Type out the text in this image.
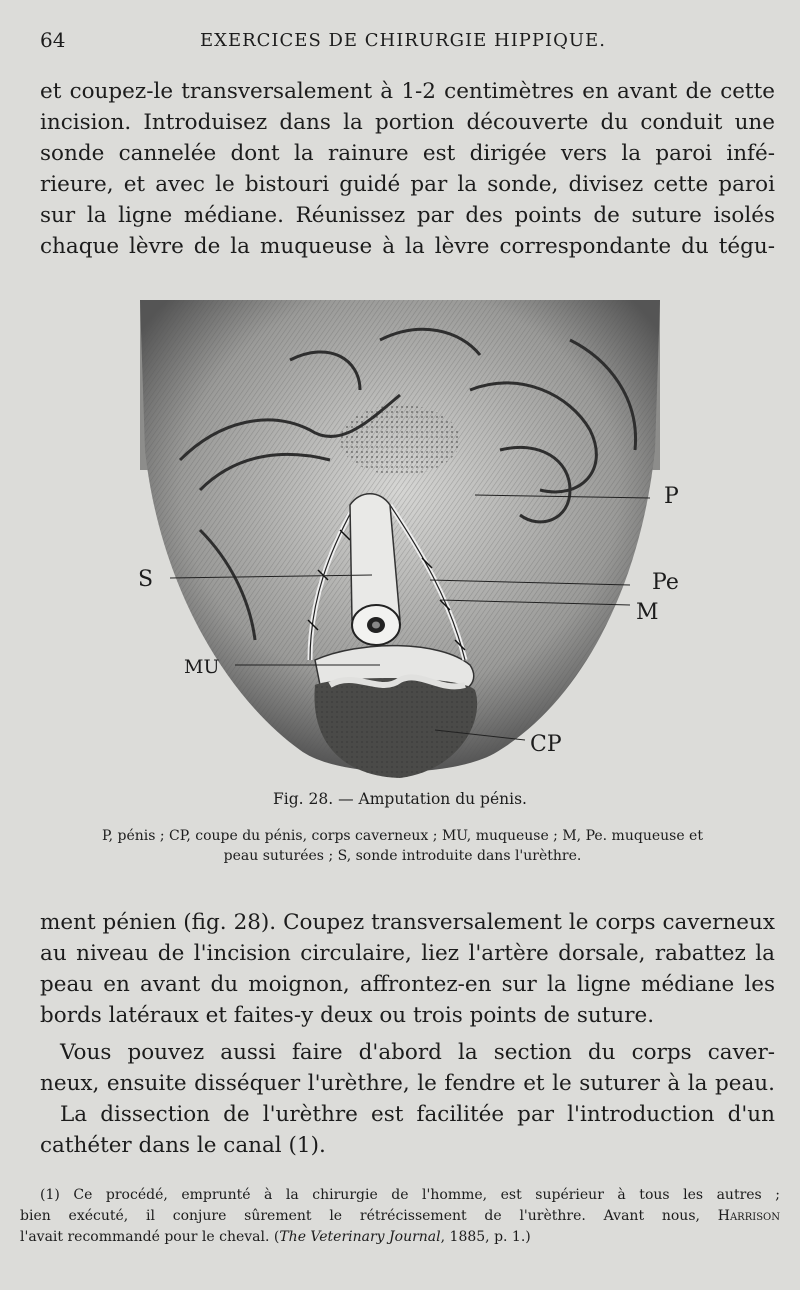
64	EXERCICES DE CHIRURGIE HIPPIQUE.
et coupez-le transversalement à 1-2 centimètres en avant de cette
incision. Introduisez dans la portion découverte du conduit une
sonde cannelée dont la rainure est dirigée vers la paroi infé-
rieure, et avec le bistouri guidé par la sonde, divisez cette paroi
sur la ligne médiane. Réunissez par des points de suture isolés
chaque lèvre de la muqueuse à la lèvre correspondante du tégu-
P
Pe
M
S
MU
CP
Fig. 28. — Amputation du pénis.
P, pénis ; CP, coupe du pénis, corps caverneux ; MU, muqueuse ; M, Pe. muqueuse et
peau suturées ; S, sonde introduite dans l'urèthre.
ment pénien (fig. 28). Coupez transversalement le corps caverneux
au niveau de l'incision circulaire, liez l'artère dorsale, rabattez la
peau en avant du moignon, affrontez-en sur la ligne médiane les
bords latéraux et faites-y deux ou trois points de suture.
Vous pouvez aussi faire d'abord la section du corps caver-
neux, ensuite disséquer l'urèthre, le fendre et le suturer à la peau.
La dissection de l'urèthre est facilitée par l'introduction d'un
cathéter dans le canal (1).
(1) Ce procédé, emprunté à la chirurgie de l'homme, est supérieur à tous les autres ;
bien exécuté, il conjure sûrement le rétrécissement de l'urèthre. Avant nous, Harrison
l'avait recommandé pour le cheval. (The Veterinary Journal, 1885, p. 1.)
